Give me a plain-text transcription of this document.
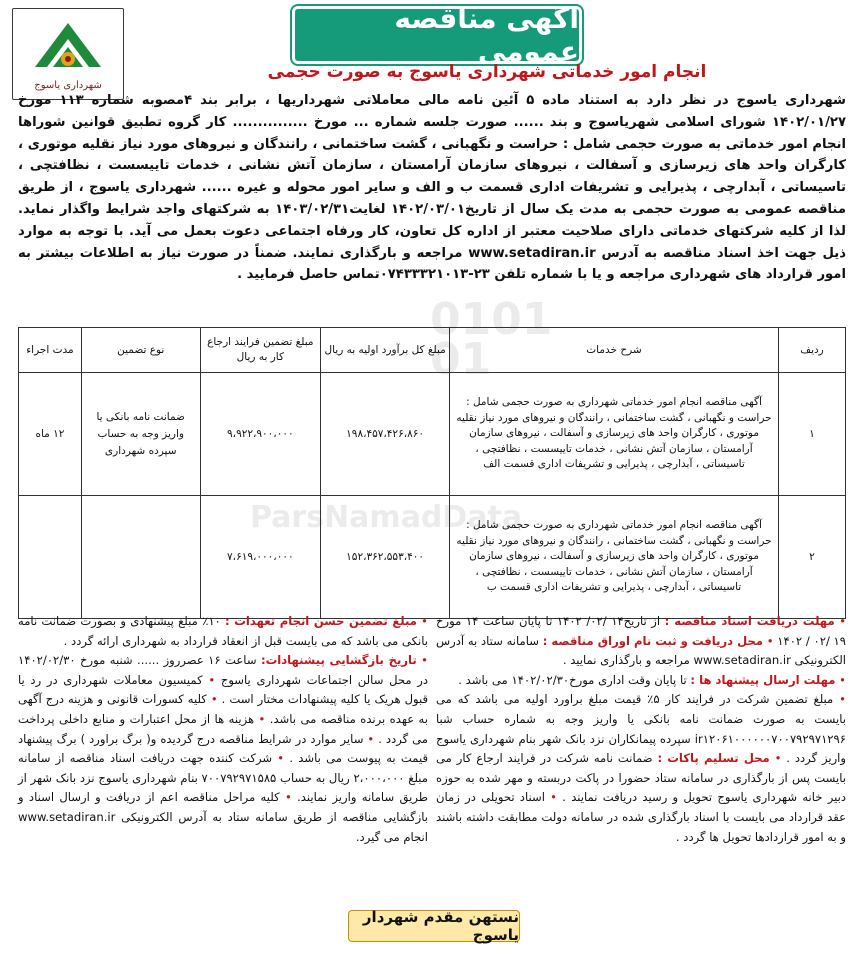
010101
ParsNamadData
شهرداری یاسوج
آگهی مناقصه عمومی
انجام امور خدماتی شهرداری یاسوج به صورت حجمی
شهرداری یاسوج در نظر دارد به استناد ماده ۵ آئین نامه مالی معاملاتی شهرداریها ، برابر بند ۴مصوبه شماره ۱۱۳ مورخ ۱۴۰۲/۰۱/۲۷ شورای اسلامی شهریاسوج و بند ...... صورت جلسه شماره ... مورخ ............... کار گروه تطبیق قوانین شوراها انجام امور خدماتی به صورت حجمی شامل : حراست و نگهبانی ، گشت ساختمانی ، رانندگان و نیروهای مورد نیاز نقلیه موتوری ، کارگران واحد های زیرسازی و آسفالت ، نیروهای سازمان آرامستان ، سازمان آتش نشانی ، خدمات تاییسست ، نظافتچی ، تاسیساتی ، آبدارچی ، پذیرایی و تشریفات اداری قسمت ب و الف و سایر امور محوله و غیره ...... شهرداری یاسوج ، از طریق مناقصه عمومی به صورت حجمی به مدت یک سال از تاریخ۱۴۰۲/۰۳/۰۱ لغایت۱۴۰۳/۰۲/۳۱ به شرکتهای واجد شرایط واگذار نماید. لذا از کلیه شرکتهای خدماتی دارای صلاحیت معتبر از اداره کل تعاون، کار ورفاه اجتماعی دعوت بعمل می آید. با توجه به موارد ذیل جهت اخذ اسناد مناقصه به آدرس www.setadiran.ir مراجعه و بارگذاری نمایند. ضمناً در صورت نیاز به اطلاعات بیشتر به امور قرارداد های شهرداری مراجعه و یا با شماره تلفن ۲۳-۰۷۴۳۳۳۲۱۰۱۳تماس حاصل فرمایید .
ردیف	شرح خدمات	مبلغ کل برآورد اولیه به ریال	مبلغ تضمین فرایند ارجاع کار به ریال	نوع تضمین	مدت اجراء
۱	آگهی مناقصه انجام امور خدماتی شهرداری به صورت حجمی شامل : حراست و نگهبانی ، گشت ساختمانی ، رانندگان و نیروهای مورد نیاز نقلیه موتوری ، کارگران واحد های زیرسازی و آسفالت ، نیروهای سازمان آرامستان ، سازمان آتش نشانی ، خدمات تاییسست ، نظافتچی ، تاسیساتی ، آبدارچی ، پذیرایی و تشریفات اداری قسمت الف	۱۹۸،۴۵۷،۴۲۶،۸۶۰	۹،۹۲۲،۹۰۰،۰۰۰	ضمانت نامه بانکی یا واریز وجه به حساب سپرده شهرداری	۱۲ ماه
۲	آگهی مناقصه انجام امور خدماتی شهرداری به صورت حجمی شامل : حراست و نگهبانی ، گشت ساختمانی ، رانندگان و نیروهای مورد نیاز نقلیه موتوری ، کارگران واحد های زیرسازی و آسفالت ، نیروهای سازمان آرامستان ، سازمان آتش نشانی ، خدمات تاییسست ، نظافتچی ، تاسیساتی ، آبدارچی ، پذیرایی و تشریفات اداری قسمت ب	۱۵۲،۳۶۲،۵۵۳،۴۰۰	۷،۶۱۹،۰۰۰،۰۰۰		
• مهلت دریافت اسناد مناقصه : از تاریخ۱۴ /۰۲/ ۱۴۰۲ تا پایان ساعت ۱۴ مورخ ۱۹ /۰۲ / ۱۴۰۲ • محل دریافت و ثبت نام اوراق مناقصه : سامانه ستاد به آدرس الکترونیکی www.setadiran.ir مراجعه و بارگذاری نمایید .
• مهلت ارسال پیشنهاد ها : تا پایان وقت اداری مورخ۱۴۰۲/۰۲/۳۰ می باشد .
• مبلغ تضمین شرکت در فرایند کار ۵٪ قیمت مبلغ براورد اولیه می باشد که می بایست به صورت ضمانت نامه بانکی یا واریز وجه به شماره حساب شبا ir۱۲۰۶۱۰۰۰۰۰۰۷۰۰۷۹۲۹۷۱۲۹۶ سپرده پیمانکاران نزد بانک شهر بنام شهرداری یاسوج واریز گردد . • محل تسلیم پاکات : ضمانت نامه شرکت در فرایند ارجاع کار می بایست پس از بارگذاری در سامانه ستاد حضورا در پاکت دربسته و مهر شده به حوزه دبیر خانه شهرداری یاسوج تحویل و رسید دریافت نمایند . • اسناد تحویلی در زمان عقد قرارداد می بایست با اسناد بارگذاری شده در سامانه دولت مطابقت داشته باشند و به امور قراردادها تحویل ها گردد .
• مبلغ تضمین حسن انجام تعهدات : ۱۰٪ مبلغ پیشنهادی و بصورت ضمانت نامه بانکی می باشد که می بایست قبل از انعقاد قرارداد به شهرداری ارائه گردد .
• تاریخ بازگشایی پیشنهادات: ساعت ۱۶ عصرروز ...... شنبه مورخ ۱۴۰۲/۰۲/۳۰ در محل سالن اجتماعات شهرداری یاسوج • کمیسیون معاملات شهرداری در رد یا قبول هریک یا کلیه پیشنهادات مختار است . • کلیه کسورات قانونی و هزینه درج آگهی به عهده برنده مناقصه می باشد. • هزینه ها از محل اعتبارات و منابع داخلی پرداخت می گردد . • سایر موارد در شرایط مناقصه درج گردیده و( برگ براورد ) برگ پیشنهاد قیمت به پیوست می باشد . • شرکت کننده جهت دریافت اسناد مناقصه از سامانه مبلغ ۲،۰۰۰،۰۰۰ ریال به حساب ۷۰۰۷۹۲۹۷۱۵۸۵ بنام شهرداری یاسوج نزد بانک شهر از طریق سامانه واریز نمایند. • کلیه مراحل مناقصه اعم از دریافت و ارسال اسناد و بازگشایی مناقصه از طریق سامانه ستاد به آدرس الکترونیکی www.setadiran.ir انجام می گیرد.
نستهن مقدم شهردار یاسوج
